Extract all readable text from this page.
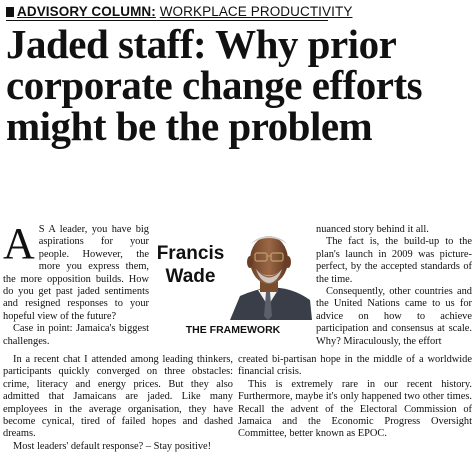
ADVISORY COLUMN: WORKPLACE PRODUCTIVITY
Jaded staff: Why prior corporate change efforts might be the problem

A S A leader, you have big aspirations for your people. However, the more you express them, the more opposition builds. How do you get past jaded sentiments and resigned responses to your hopeful view of the future?

Case in point: Jamaica's biggest challenges.

Francis
Wade
THE FRAMEWORK

nuanced story behind it all.

The fact is, the build-up to the plan's launch in 2009 was picture-perfect, by the accepted standards of the time.

Consequently, other countries and the United Nations came to us for advice on how to achieve participation and consensus at scale. Why? Miraculously, the effort

In a recent chat I attended among leading thinkers, participants quickly converged on three obstacles: crime, literacy and energy prices. But they also admitted that Jamaicans are jaded. Like many employees in the average organisation, they have become cynical, tired of failed hopes and dashed dreams.

Most leaders' default response? – Stay positive!

created bi-partisan hope in the middle of a worldwide financial crisis.

This is extremely rare in our recent history. Furthermore, maybe it's only happened two other times. Recall the advent of the Electoral Commission of Jamaica and the Economic Progress Oversight Committee, better known as EPOC.
